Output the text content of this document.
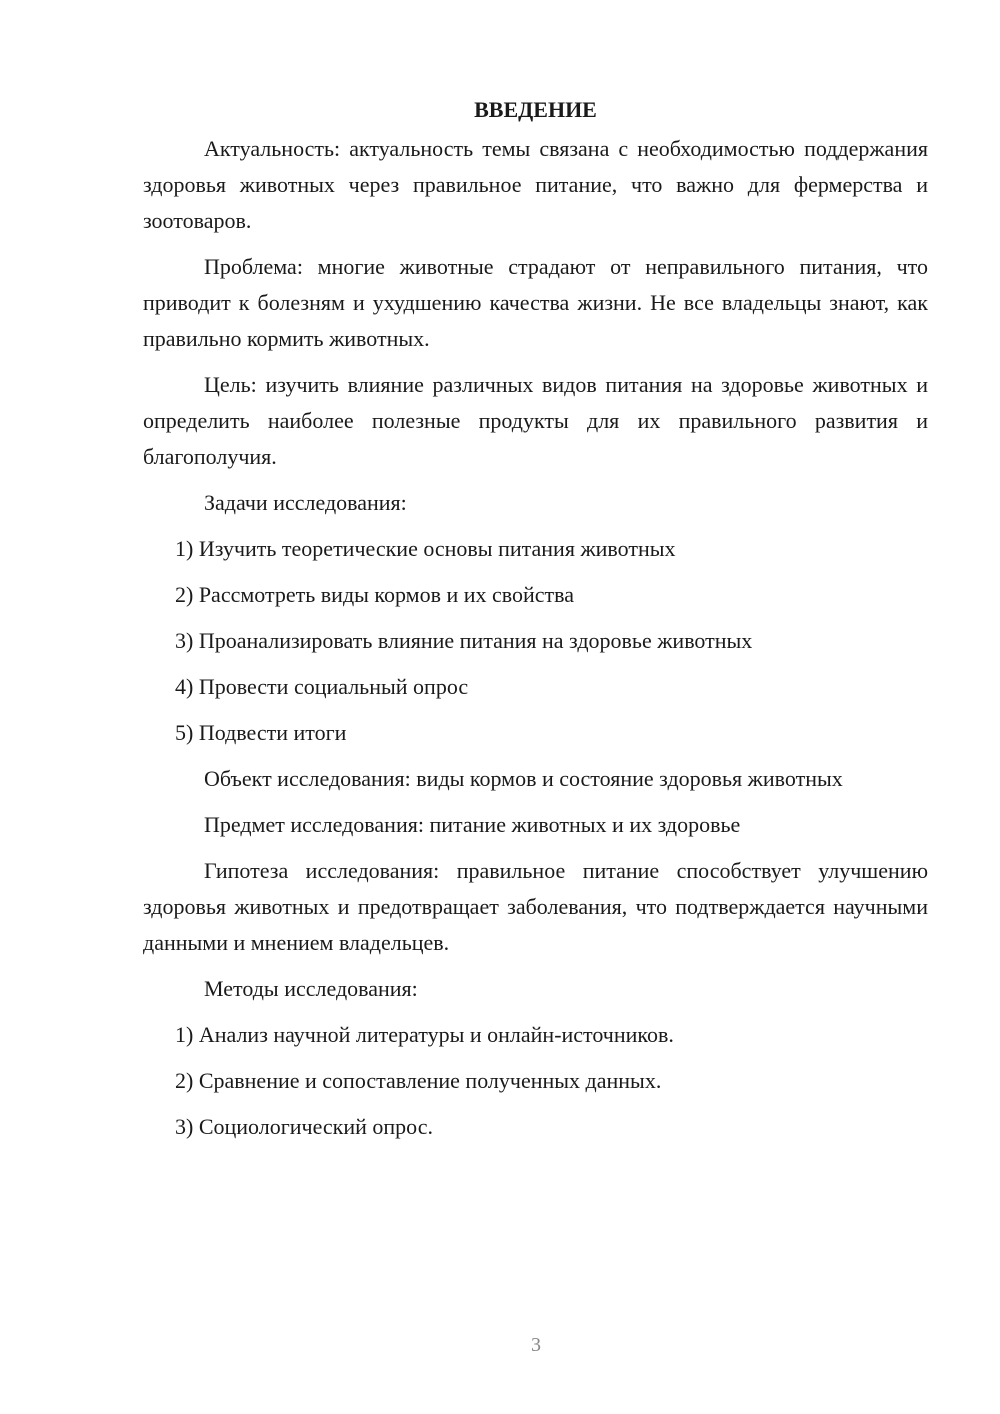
ВВЕДЕНИЕ

Актуальность: актуальность темы связана с необходимостью поддержания здоровья животных через правильное питание, что важно для фермерства и зоотоваров.

Проблема: многие животные страдают от неправильного питания, что приводит к болезням и ухудшению качества жизни. Не все владельцы знают, как правильно кормить животных.

Цель: изучить влияние различных видов питания на здоровье животных и определить наиболее полезные продукты для их правильного развития и благополучия.

Задачи исследования:

1) Изучить теоретические основы питания животных

2) Рассмотреть виды кормов и их свойства

3) Проанализировать влияние питания на здоровье животных

4) Провести социальный опрос

5) Подвести итоги

Объект исследования: виды кормов и состояние здоровья животных

Предмет исследования: питание животных и их здоровье

Гипотеза исследования: правильное питание способствует улучшению здоровья животных и предотвращает заболевания, что подтверждается научными данными и мнением владельцев.

Методы исследования:

1) Анализ научной литературы и онлайн-источников.

2) Сравнение и сопоставление полученных данных.

3) Социологический опрос.

3
